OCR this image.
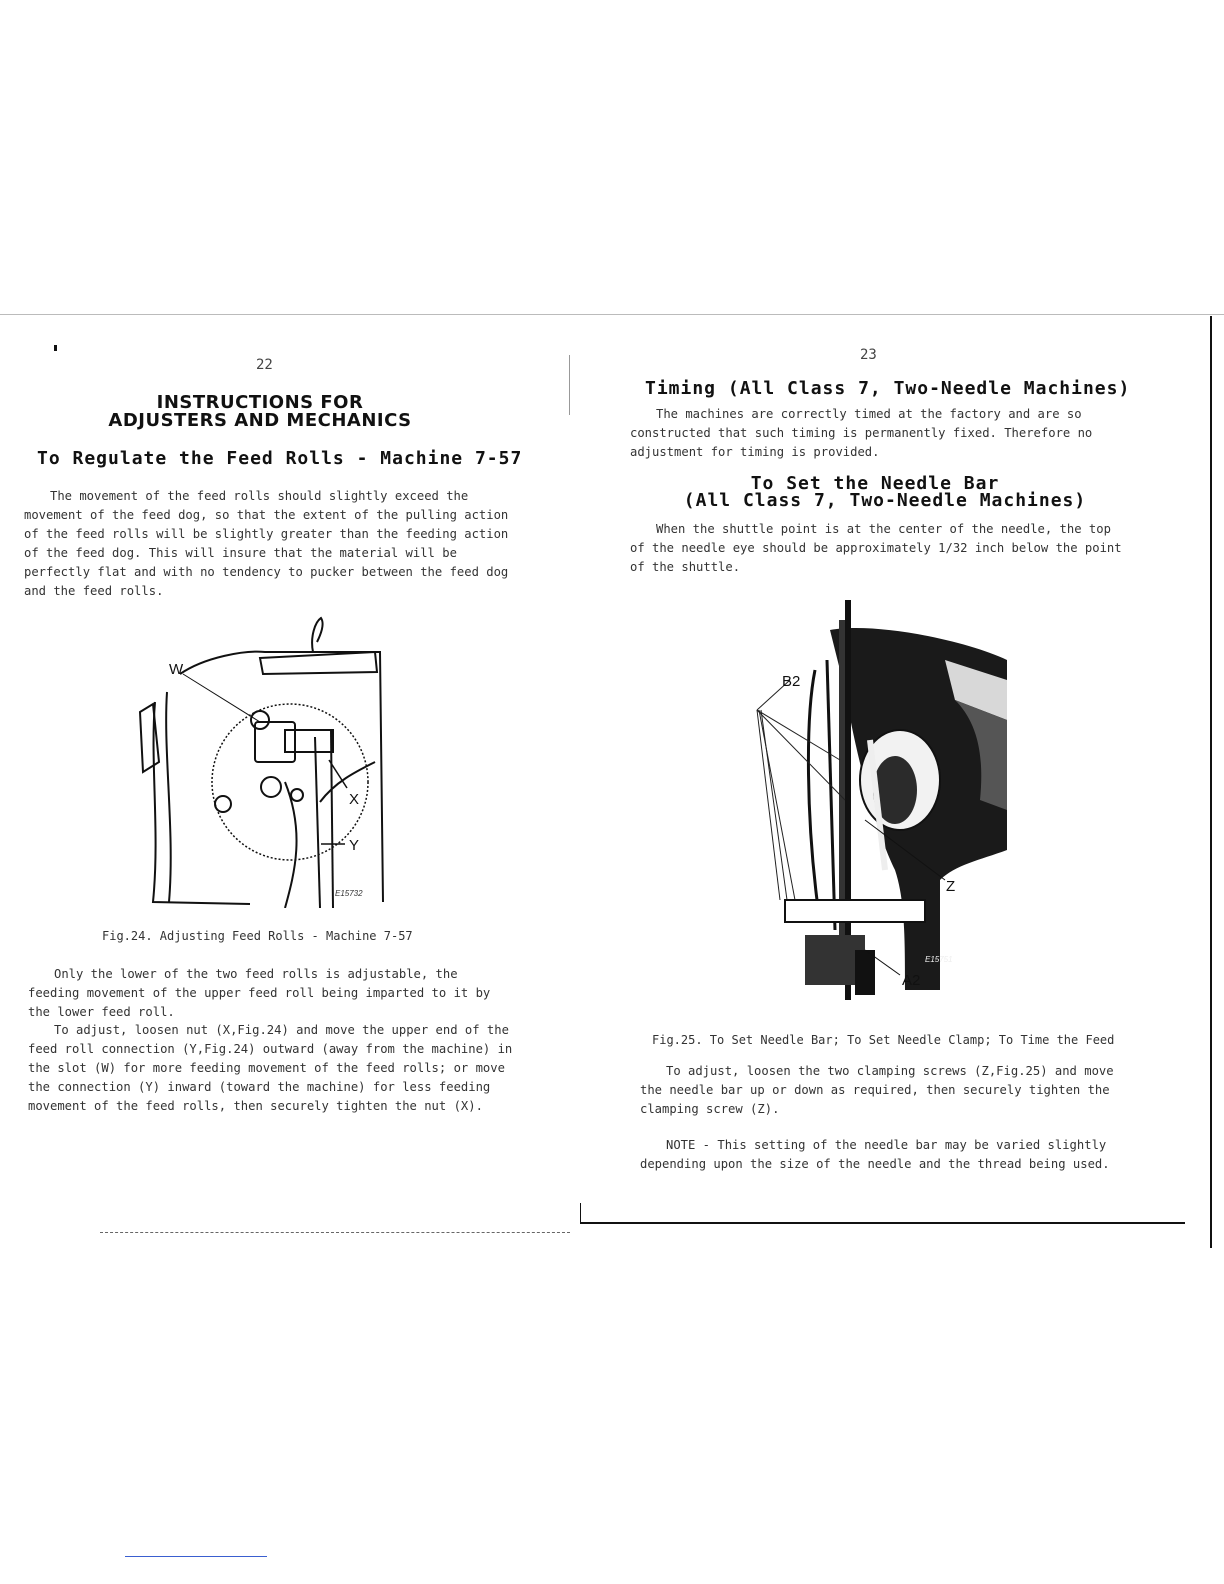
22
INSTRUCTIONS FOR
ADJUSTERS AND MECHANICS
To Regulate the Feed Rolls - Machine 7-57
The movement of the feed rolls should slightly exceed the movement of the feed dog, so that the extent of the pulling action of the feed rolls will be slightly greater than the feeding action of the feed dog. This will insure that the material will be perfectly flat and with no tendency to pucker between the feed dog and the feed rolls.
W
X
Y
E15732
Fig.24. Adjusting Feed Rolls - Machine 7-57
Only the lower of the two feed rolls is adjustable, the feeding movement of the upper feed roll being imparted to it by the lower feed roll.
To adjust, loosen nut (X,Fig.24) and move the upper end of the feed roll connection (Y,Fig.24) outward (away from the machine) in the slot (W) for more feeding movement of the feed rolls; or move the connection (Y) inward (toward the machine) for less feeding movement of the feed rolls, then securely tighten the nut (X).
23
Timing (All Class 7, Two-Needle Machines)
The machines are correctly timed at the factory and are so constructed that such timing is permanently fixed. Therefore no adjustment for timing is provided.
To Set the Needle Bar
(All Class 7, Two-Needle Machines)
When the shuttle point is at the center of the needle, the top of the needle eye should be approximately 1/32 inch below the point of the shuttle.
B2
Z
A2
E15751
Fig.25. To Set Needle Bar; To Set Needle Clamp; To Time the Feed
To adjust, loosen the two clamping screws (Z,Fig.25) and move the needle bar up or down as required, then securely tighten the clamping screw (Z).
NOTE - This setting of the needle bar may be varied slightly depending upon the size of the needle and the thread being used.
